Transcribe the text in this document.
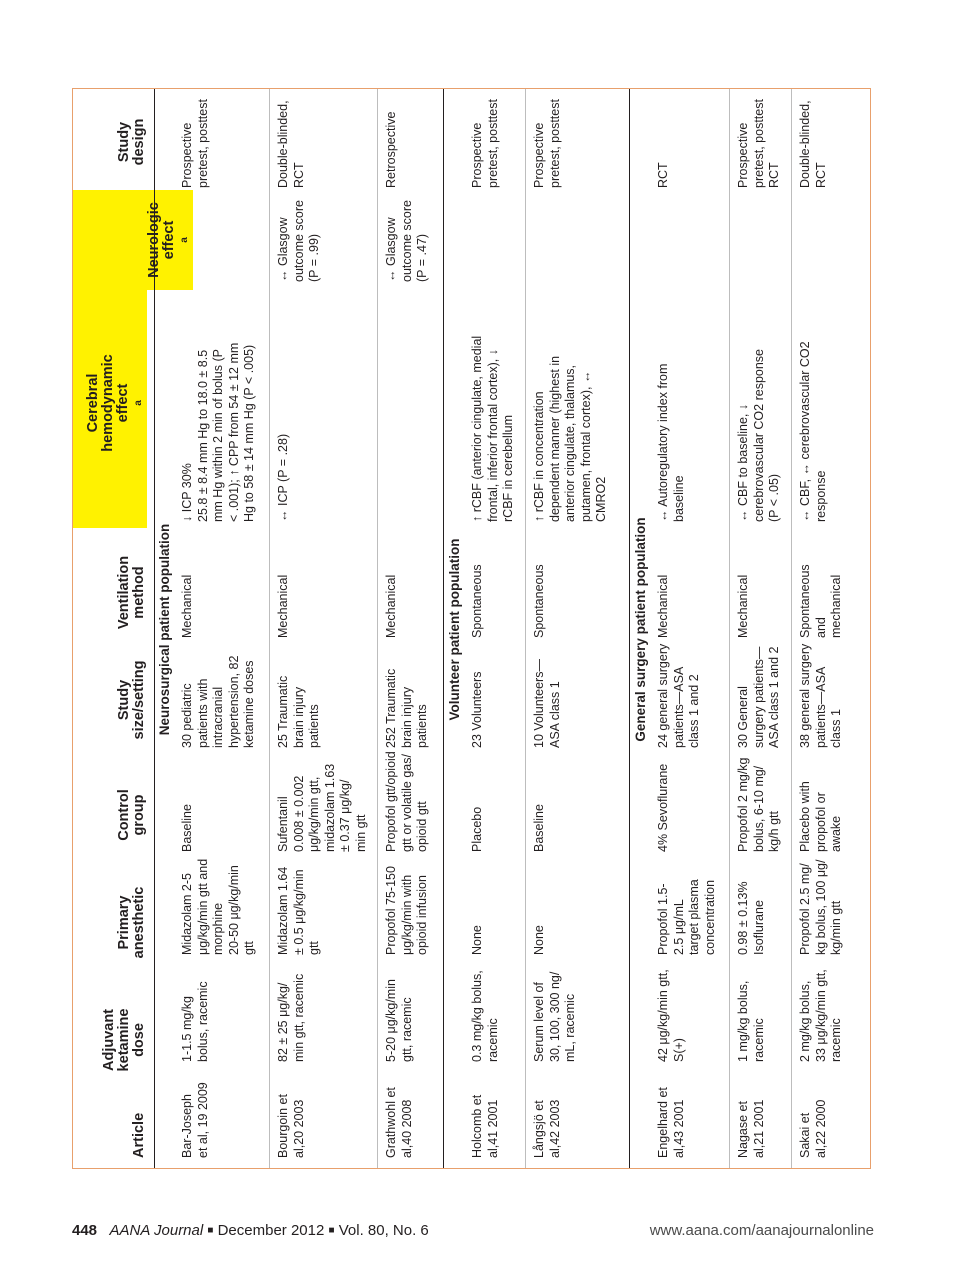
Article
Adjuvant
ketamine
dose
Primary
anesthetic
Control
group
Study
size/setting
Ventilation
method
Cerebral
hemodynamic
effect $^a$
Neurologic
effect $^a$
Study
design
Neurosurgical patient population
Bar-Joseph
et al, 19 2009
1-1.5 mg/kg
bolus, racemic
Midazolam 2-5
μg/kg/min gtt and
morphine
20-50 μg/kg/min
gtt
Baseline
30 pediatric
patients with
intracranial
hypertension, 82
ketamine doses
Mechanical
↓ ICP 30%
25.8 ± 8.4 mm Hg to 18.0 ± 8.5
mm Hg within 2 min of bolus (P
< .001); ↑ CPP from 54 ± 12 mm
Hg to 58 ± 14 mm Hg (P < .005)
Prospective
pretest, posttest
Bourgoin et
al,20 2003
82 ± 25 μg/kg/
min gtt, racemic
Midazolam 1.64
± 0.5 μg/kg/min
gtt
Sufentanil
0.008 ± 0.002
μg/kg/min gtt,
midazolam 1.63
± 0.37 μg/kg/
min gtt
25 Traumatic
brain injury
patients
Mechanical
↔ ICP (P = .28)
↔ Glasgow
outcome score
(P = .99)
Double-blinded,
RCT
Grathwohl et
al,40 2008
5-20 μg/kg/min
gtt, racemic
Propofol 75-150
μg/kg/min with
opioid infusion
Propofol gtt/opioid
gtt or volatile gas/
opioid gtt
252 Traumatic
brain injury
patients
Mechanical
↔ Glasgow
outcome score
(P = .47)
Retrospective
Volunteer patient population
Holcomb et
al,41 2001
0.3 mg/kg bolus,
racemic
None
Placebo
23 Volunteers
Spontaneous
↑ rCBF (anterior cingulate, medial
frontal, inferior frontal cortex), ↓
rCBF in cerebellum
Prospective
pretest, posttest
Långsjö et
al,42 2003
Serum level of
30, 100, 300 ng/
mL, racemic
None
Baseline
10 Volunteers—
ASA class 1
Spontaneous
↑ rCBF in concentration
dependent manner (highest in
anterior cingulate, thalamus,
putamen, frontal cortex), ↔
CMRO2
Prospective
pretest, posttest
General surgery patient population
Engelhard et
al,43 2001
42 μg/kg/min gtt,
S(+)
Propofol 1.5-
2.5 μg/mL
target plasma
concentration
4% Sevoflurane
24 general surgery
patients—ASA
class 1 and 2
Mechanical
↔ Autoregulatory index from
baseline
RCT
Nagase et
al,21 2001
1 mg/kg bolus,
racemic
0.98 ± 0.13%
Isoflurane
Propofol 2 mg/kg
bolus, 6-10 mg/
kg/h gtt
30 General
surgery patients—
ASA class 1 and 2
Mechanical
↔ CBF to baseline, ↓
cerebrovascular CO2 response
(P < .05)
Prospective
pretest, posttest
RCT
Sakai et
al,22 2000
2 mg/kg bolus,
33 μg/kg/min gtt,
racemic
Propofol 2.5 mg/
kg bolus, 100 μg/
kg/min gtt
Placebo with
propofol or
awake
38 general surgery
patients—ASA
class 1
Spontaneous
and
mechanical
↔ CBF, ↔ cerebrovascular CO2
response
Double-blinded,
RCT
448 AANA Journal ■ December 2012 ■ Vol. 80, No. 6	www.aana.com/aanajournalonline
